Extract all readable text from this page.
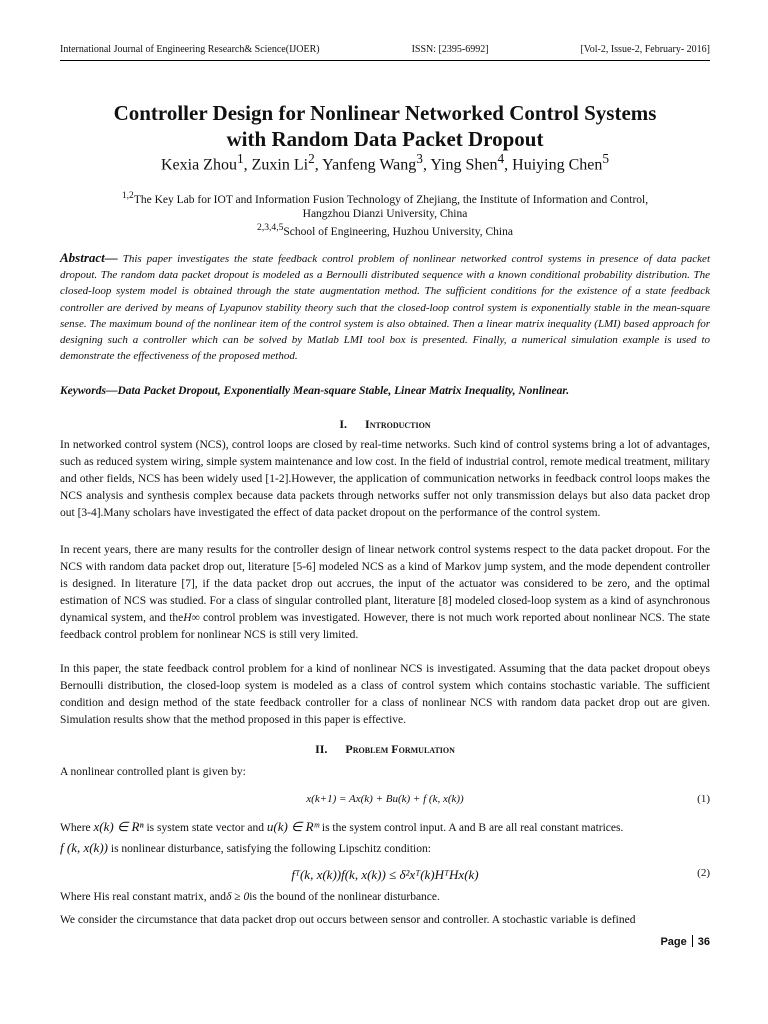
International Journal of Engineering Research& Science(IJOER)	ISSN: [2395-6992]	[Vol-2, Issue-2, February- 2016]
Controller Design for Nonlinear Networked Control Systems
with Random Data Packet Dropout
Kexia Zhou$^1$, Zuxin Li$^2$, Yanfeng Wang$^3$, Ying Shen$^4$, Huiying Chen$^5$
$^{1,2}$The Key Lab for IOT and Information Fusion Technology of Zhejiang, the Institute of Information and Control,
Hangzhou Dianzi University, China
$^{2,3,4,5}$School of Engineering, Huzhou University, China
Abstract— This paper investigates the state feedback control problem of nonlinear networked control systems in presence of data packet dropout. The random data packet dropout is modeled as a Bernoulli distributed sequence with a known conditional probability distribution. The closed-loop system model is obtained through the state augmentation method. The sufficient conditions for the existence of a state feedback controller are derived by means of Lyapunov stability theory such that the closed-loop control system is exponentially stable in the mean-square sense. The maximum bound of the nonlinear item of the control system is also obtained. Then a linear matrix inequality (LMI) based approach for designing such a controller which can be solved by Matlab LMI tool box is presented. Finally, a numerical simulation example is used to demonstrate the effectiveness of the proposed method.
Keywords—Data Packet Dropout, Exponentially Mean-square Stable, Linear Matrix Inequality, Nonlinear.
I. Introduction
In networked control system (NCS), control loops are closed by real-time networks. Such kind of control systems bring a lot of advantages, such as reduced system wiring, simple system maintenance and low cost. In the field of industrial control, remote medical treatment, military and other fields, NCS has been widely used [1-2].However, the application of communication networks in feedback control loops makes the NCS analysis and synthesis complex because data packets through networks suffer not only transmission delays but also data packet drop out [3-4].Many scholars have investigated the effect of data packet dropout on the performance of the control system.
In recent years, there are many results for the controller design of linear network control systems respect to the data packet dropout. For the NCS with random data packet drop out, literature [5-6] modeled NCS as a kind of Markov jump system, and the mode dependent controller is designed. In literature [7], if the data packet drop out accrues, the input of the actuator was considered to be zero, and the optimal estimation of NCS was studied. For a class of singular controlled plant, literature [8] modeled closed-loop system as a kind of asynchronous dynamical system, and theH∞ control problem was investigated. However, there is not much work reported about nonlinear NCS. The state feedback control problem for nonlinear NCS is still very limited.
In this paper, the state feedback control problem for a kind of nonlinear NCS is investigated. Assuming that the data packet dropout obeys Bernoulli distribution, the closed-loop system is modeled as a class of control system which contains stochastic variable. The sufficient condition and design method of the state feedback controller for a class of nonlinear NCS with random data packet drop out are given. Simulation results show that the method proposed in this paper is effective.
II. Problem Formulation
A nonlinear controlled plant is given by:
x(k+1) = Ax(k) + Bu(k) + f (k, x(k))	(1)
Where x(k) ∈ Rⁿ is system state vector and u(k) ∈ Rᵐ is the system control input. A and B are all real constant matrices.
f (k, x(k)) is nonlinear disturbance, satisfying the following Lipschitz condition:
fᵀ(k, x(k))f(k, x(k)) ≤ δ²xᵀ(k)HᵀHx(k)	(2)
Where His real constant matrix, andδ ≥ 0is the bound of the nonlinear disturbance.
We consider the circumstance that data packet drop out occurs between sensor and controller. A stochastic variable is defined
Page 36
